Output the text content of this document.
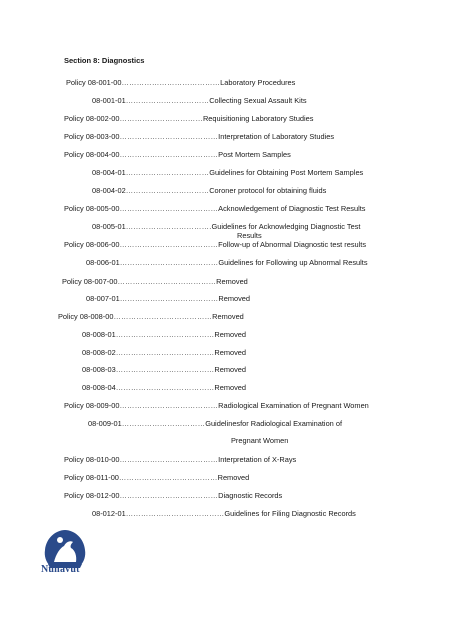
Section 8: Diagnostics
Policy 08-001-00…………………………………Laboratory Procedures
08-001-01……………………………Collecting Sexual Assault Kits
Policy 08-002-00……………………………Requisitioning Laboratory Studies
Policy 08-003-00…………………………………Interpretation of Laboratory Studies
Policy 08-004-00…………………………………Post Mortem Samples
08-004-01……………………………Guidelines for Obtaining Post Mortem Samples
08-004-02……………………………Coroner protocol for obtaining fluids
Policy 08-005-00…………………………………Acknowledgement of Diagnostic Test Results
08-005-01…………………………….Guidelines for Acknowledging Diagnostic Test
Results
Policy 08-006-00…………………………………Follow-up of Abnormal Diagnostic test results
08-006-01…………………………………Guidelines for Following up Abnormal Results
Policy 08-007-00…………………………………Removed
08-007-01…………………………………Removed
Policy 08-008-00…………………………………Removed
08-008-01…………………………………Removed
08-008-02…………………………………Removed
08-008-03…………………………………Removed
08-008-04…………………………………Removed
Policy 08-009-00…………………………………Radiological Examination of Pregnant Women
08-009-01……………………………Guidelinesfor Radiological Examination of
Pregnant Women
Policy 08-010-00…………………………………Interpretation of X-Rays
Policy 08-011-00…………………………………Removed
Policy 08-012-00…………………………………Diagnostic Records
08-012-01…………………………………Guidelines for Filing Diagnostic Records
Nunavut
